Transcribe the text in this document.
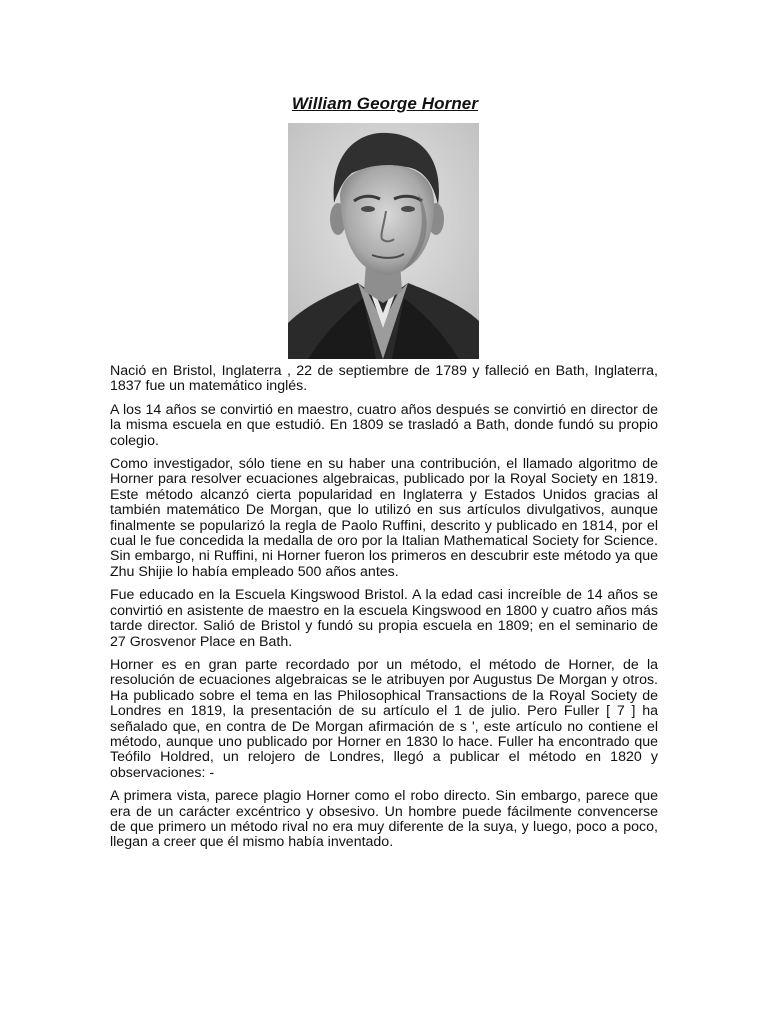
William George Horner

Nació en Bristol, Inglaterra , 22 de septiembre de 1789 y falleció en Bath, Inglaterra, 1837 fue un matemático inglés.

A los 14 años se convirtió en maestro, cuatro años después se convirtió en director de la misma escuela en que estudió. En 1809 se trasladó a Bath, donde fundó su propio colegio.

Como investigador, sólo tiene en su haber una contribución, el llamado algoritmo de Horner para resolver ecuaciones algebraicas, publicado por la Royal Society en 1819. Este método alcanzó cierta popularidad en Inglaterra y Estados Unidos gracias al también matemático De Morgan, que lo utilizó en sus artículos divulgativos, aunque finalmente se popularizó la regla de Paolo Ruffini, descrito y publicado en 1814, por el cual le fue concedida la medalla de oro por la Italian Mathematical Society for Science. Sin embargo, ni Ruffini, ni Horner fueron los primeros en descubrir este método ya que Zhu Shijie lo había empleado 500 años antes.

Fue educado en la Escuela Kingswood Bristol. A la edad casi increíble de 14 años se convirtió en asistente de maestro en la escuela Kingswood en 1800 y cuatro años más tarde director. Salió de Bristol y fundó su propia escuela en 1809; en el seminario de 27 Grosvenor Place en Bath.

Horner es en gran parte recordado por un método, el método de Horner, de la resolución de ecuaciones algebraicas se le atribuyen por Augustus De Morgan y otros. Ha publicado sobre el tema en las Philosophical Transactions de la Royal Society de Londres en 1819, la presentación de su artículo el 1 de julio. Pero Fuller [ 7 ] ha señalado que, en contra de De Morgan afirmación de s ', este artículo no contiene el método, aunque uno publicado por Horner en 1830 lo hace. Fuller ha encontrado que Teófilo Holdred, un relojero de Londres, llegó a publicar el método en 1820 y observaciones: -

A primera vista, parece plagio Horner como el robo directo. Sin embargo, parece que era de un carácter excéntrico y obsesivo. Un hombre puede fácilmente convencerse de que primero un método rival no era muy diferente de la suya, y luego, poco a poco, llegan a creer que él mismo había inventado.
